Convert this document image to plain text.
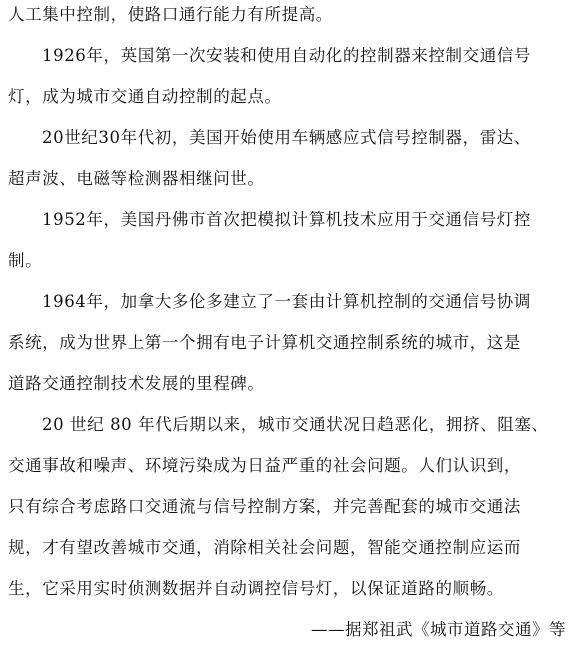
人工集中控制，使路口通行能力有所提高。
1926年，英国第一次安装和使用自动化的控制器来控制交通信号
灯，成为城市交通自动控制的起点。
20世纪30年代初，美国开始使用车辆感应式信号控制器，雷达、
超声波、电磁等检测器相继问世。
1952年，美国丹佛市首次把模拟计算机技术应用于交通信号灯控
制。
1964年，加拿大多伦多建立了一套由计算机控制的交通信号协调
系统，成为世界上第一个拥有电子计算机交通控制系统的城市，这是
道路交通控制技术发展的里程碑。
20 世纪 80 年代后期以来，城市交通状况日趋恶化，拥挤、阻塞、
交通事故和噪声、环境污染成为日益严重的社会问题。人们认识到，
只有综合考虑路口交通流与信号控制方案，并完善配套的城市交通法
规，才有望改善城市交通，消除相关社会问题，智能交通控制应运而
生，它采用实时侦测数据并自动调控信号灯，以保证道路的顺畅。
——据郑祖武《城市道路交通》等
